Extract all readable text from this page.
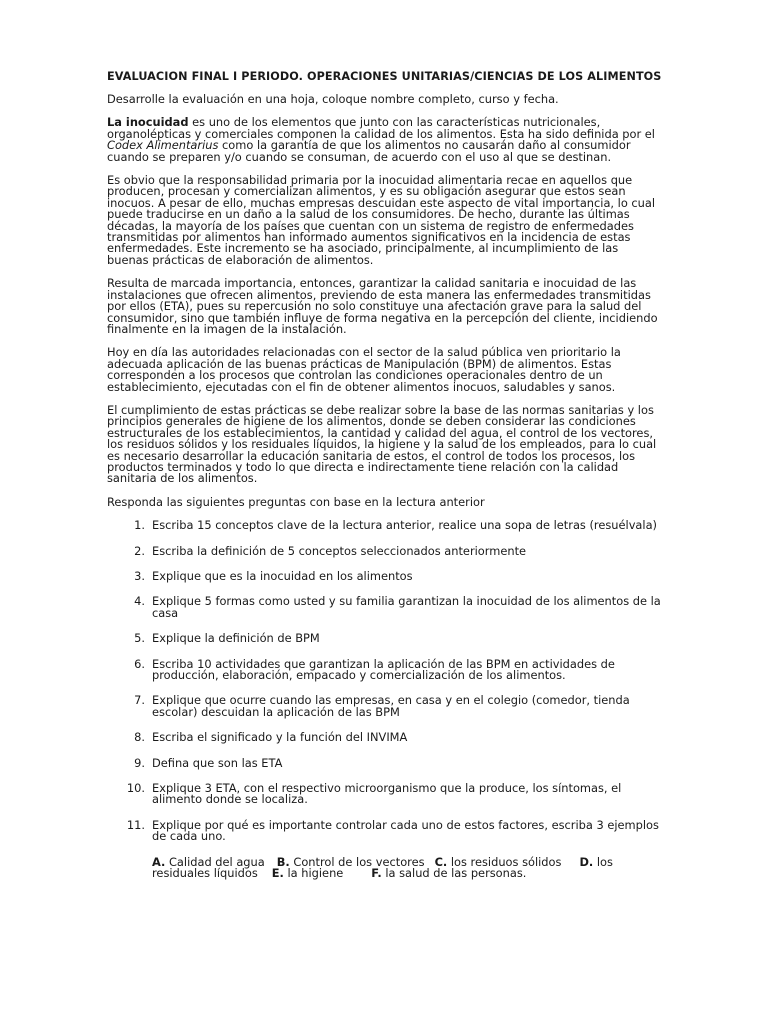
EVALUACION FINAL I PERIODO. OPERACIONES UNITARIAS/CIENCIAS DE LOS ALIMENTOS

Desarrolle la evaluación en una hoja, coloque nombre completo, curso y fecha.

La inocuidad es uno de los elementos que junto con las características nutricionales, organolépticas y comerciales componen la calidad de los alimentos. Esta ha sido definida por el Codex Alimentarius como la garantía de que los alimentos no causarán daño al consumidor cuando se preparen y/o cuando se consuman, de acuerdo con el uso al que se destinan.

Es obvio que la responsabilidad primaria por la inocuidad alimentaria recae en aquellos que producen, procesan y comercializan alimentos, y es su obligación asegurar que estos sean inocuos. A pesar de ello, muchas empresas descuidan este aspecto de vital importancia, lo cual puede traducirse en un daño a la salud de los consumidores. De hecho, durante las últimas décadas, la mayoría de los países que cuentan con un sistema de registro de enfermedades transmitidas por alimentos han informado aumentos significativos en la incidencia de estas enfermedades. Este incremento se ha asociado, principalmente, al incumplimiento de las buenas prácticas de elaboración de alimentos.

Resulta de marcada importancia, entonces, garantizar la calidad sanitaria e inocuidad de las instalaciones que ofrecen alimentos, previendo de esta manera las enfermedades transmitidas por ellos (ETA), pues su repercusión no solo constituye una afectación grave para la salud del consumidor, sino que también influye de forma negativa en la percepción del cliente, incidiendo finalmente en la imagen de la instalación.

Hoy en día las autoridades relacionadas con el sector de la salud pública ven prioritario la adecuada aplicación de las buenas prácticas de Manipulación (BPM) de alimentos. Estas corresponden a los procesos que controlan las condiciones operacionales dentro de un establecimiento, ejecutadas con el fin de obtener alimentos inocuos, saludables y sanos.

El cumplimiento de estas prácticas se debe realizar sobre la base de las normas sanitarias y los principios generales de higiene de los alimentos, donde se deben considerar las condiciones estructurales de los establecimientos, la cantidad y calidad del agua, el control de los vectores, los residuos sólidos y los residuales líquidos, la higiene y la salud de los empleados, para lo cual es necesario desarrollar la educación sanitaria de estos, el control de todos los procesos, los productos terminados y todo lo que directa e indirectamente tiene relación con la calidad sanitaria de los alimentos.

Responda las siguientes preguntas con base en la lectura anterior

1. Escriba 15 conceptos clave de la lectura anterior, realice una sopa de letras (resuélvala)
2. Escriba la definición de 5 conceptos seleccionados anteriormente
3. Explique que es la inocuidad en los alimentos
4. Explique 5 formas como usted y su familia garantizan la inocuidad de los alimentos de la casa
5. Explique la definición de BPM
6. Escriba 10 actividades que garantizan la aplicación de las BPM en actividades de producción, elaboración, empacado y comercialización de los alimentos.
7. Explique que ocurre cuando las empresas, en casa y en el colegio (comedor, tienda escolar) descuidan la aplicación de las BPM
8. Escriba el significado y la función del INVIMA
9. Defina que son las ETA
10. Explique 3 ETA, con el respectivo microorganismo que la produce, los síntomas, el alimento donde se localiza.
11. Explique por qué es importante controlar cada uno de estos factores, escriba 3 ejemplos de cada uno.
A. Calidad del agua B. Control de los vectores C. los residuos sólidos D. los residuales líquidos E. la higiene F. la salud de las personas.
